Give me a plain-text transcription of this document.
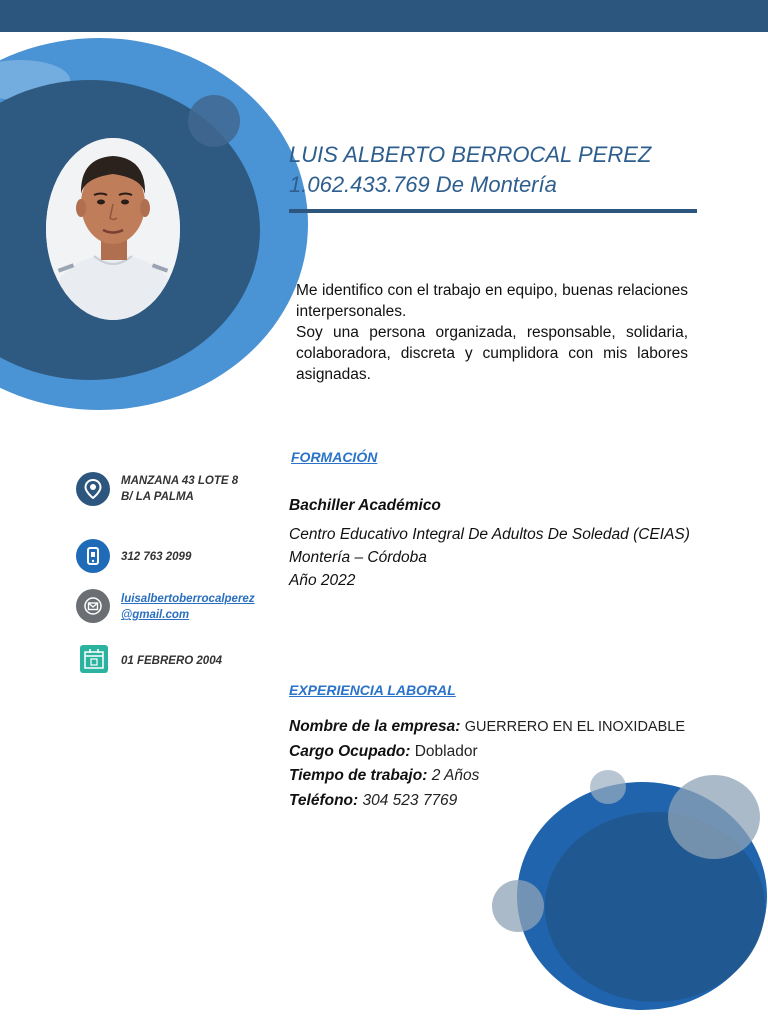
LUIS ALBERTO BERROCAL PEREZ
1.062.433.769 De Montería

Me identifico con el trabajo en equipo, buenas relaciones interpersonales.

Soy una persona organizada, responsable, solidaria, colaboradora, discreta y cumplidora con mis labores asignadas.

MANZANA 43 LOTE 8
B/ LA PALMA
312 763 2099
luisalbertoberrocalperez
@gmail.com
01 FEBRERO 2004
FORMACIÓN
Bachiller Académico
Centro Educativo Integral De Adultos De Soledad (CEIAS)
Montería – Córdoba
Año 2022
EXPERIENCIA LABORAL
Nombre de la empresa: GUERRERO EN EL INOXIDABLE
Cargo Ocupado: Doblador
Tiempo de trabajo: 2 Años
Teléfono: 304 523 7769
